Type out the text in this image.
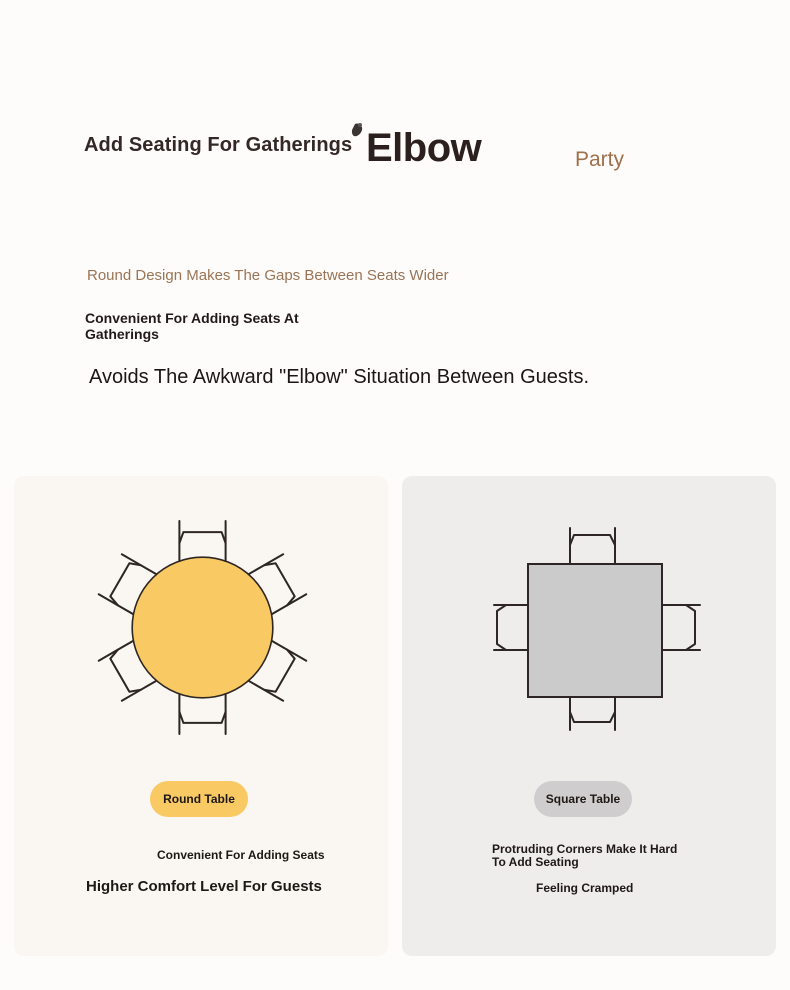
Add Seating For Gatherings Elbow	Party
Round Design Makes The Gaps Between Seats Wider
Convenient For Adding Seats At Gatherings
Avoids The Awkward "Elbow" Situation Between Guests.
Round Table	Square Table
Convenient For Adding Seats
Higher Comfort Level For Guests
Protruding Corners Make It Hard To Add Seating
Feeling Cramped
